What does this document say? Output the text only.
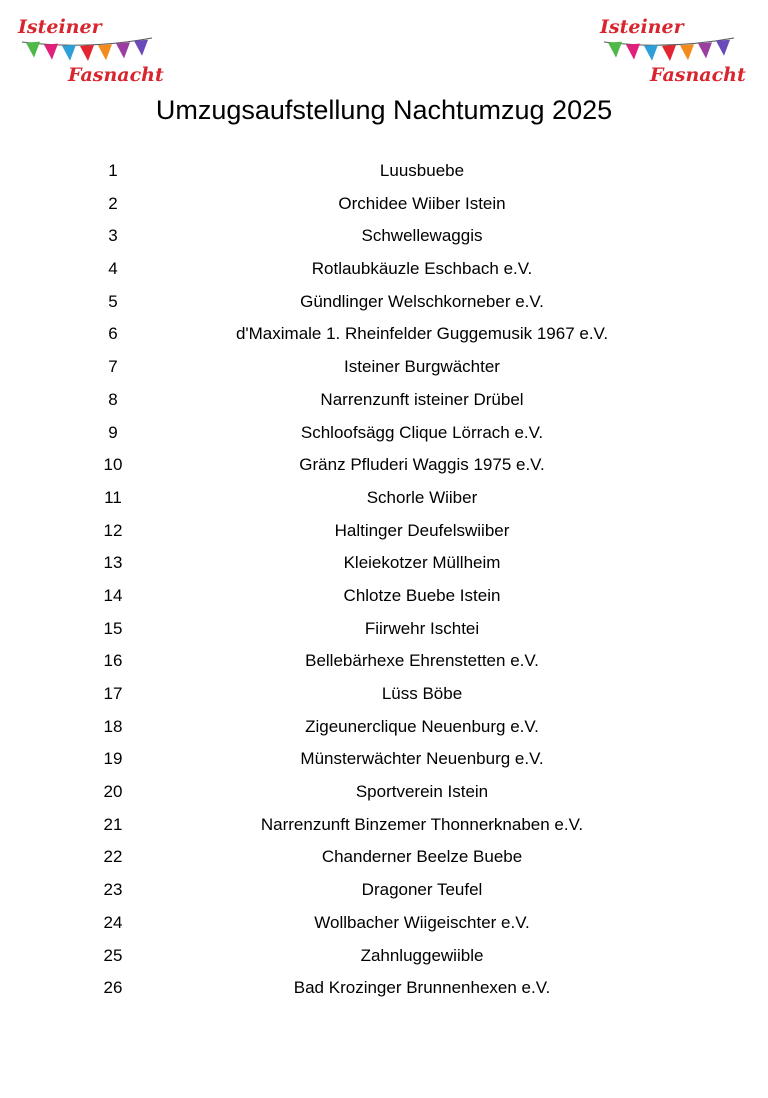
Isteiner
Fasnacht
Isteiner
Fasnacht
Umzugsaufstellung Nachtumzug 2025
1	Luusbuebe
2	Orchidee Wiiber Istein
3	Schwellewaggis
4	Rotlaubkäuzle Eschbach e.V.
5	Gündlinger Welschkorneber e.V.
6	d'Maximale 1. Rheinfelder Guggemusik 1967 e.V.
7	Isteiner Burgwächter
8	Narrenzunft isteiner Drübel
9	Schloofsägg Clique Lörrach e.V.
10	Gränz Pfluderi Waggis 1975 e.V.
11	Schorle Wiiber
12	Haltinger Deufelswiiber
13	Kleiekotzer Müllheim
14	Chlotze Buebe Istein
15	Fiirwehr Ischtei
16	Bellebärhexe Ehrenstetten e.V.
17	Lüss Böbe
18	Zigeunerclique Neuenburg e.V.
19	Münsterwächter Neuenburg e.V.
20	Sportverein Istein
21	Narrenzunft Binzemer Thonnerknaben e.V.
22	Chanderner Beelze Buebe
23	Dragoner Teufel
24	Wollbacher Wiigeischter e.V.
25	Zahnluggewiible
26	Bad Krozinger Brunnenhexen e.V.
